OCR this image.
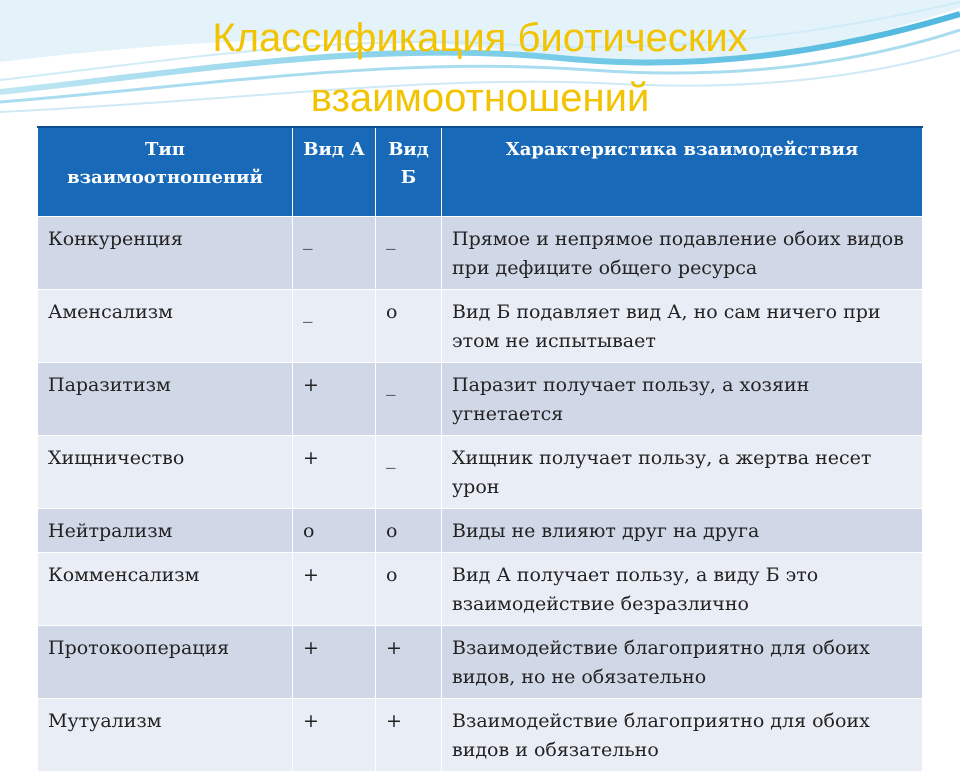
Классификация биотических
взаимоотношений
Тип взаимоотношений	Вид А	Вид Б	Характеристика взаимодействия
Конкуренция	_	_	Прямое и непрямое подавление обоих видов при дефиците общего ресурса
Аменсализм	_	o	Вид Б подавляет вид А, но сам ничего при этом не испытывает
Паразитизм	+	_	Паразит получает пользу, а хозяин угнетается
Хищничество	+	_	Хищник получает пользу, а жертва несет урон
Нейтрализм	o	o	Виды не влияют друг на друга
Комменсализм	+	o	Вид А получает пользу, а виду Б это взаимодействие безразлично
Протокооперация	+	+	Взаимодействие благоприятно для обоих видов, но не обязательно
Мутуализм	+	+	Взаимодействие благоприятно для обоих видов и обязательно
